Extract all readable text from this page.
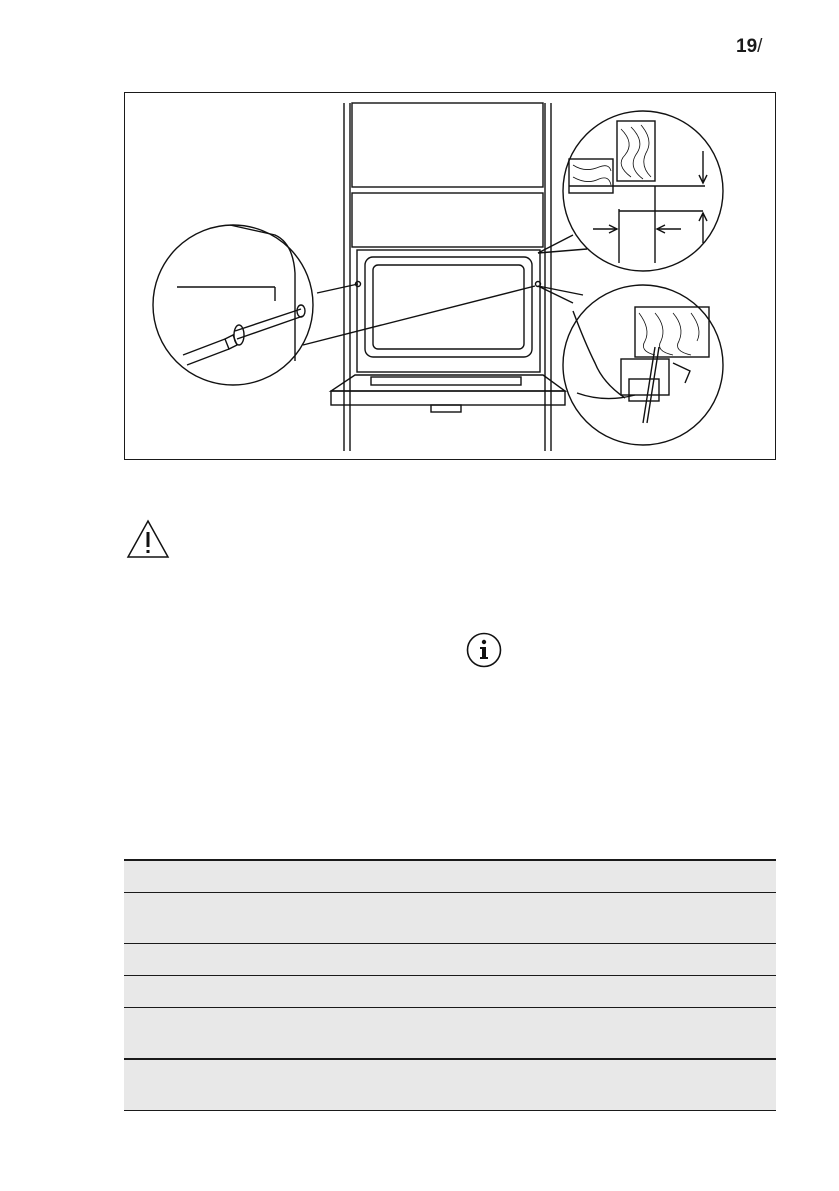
19/
